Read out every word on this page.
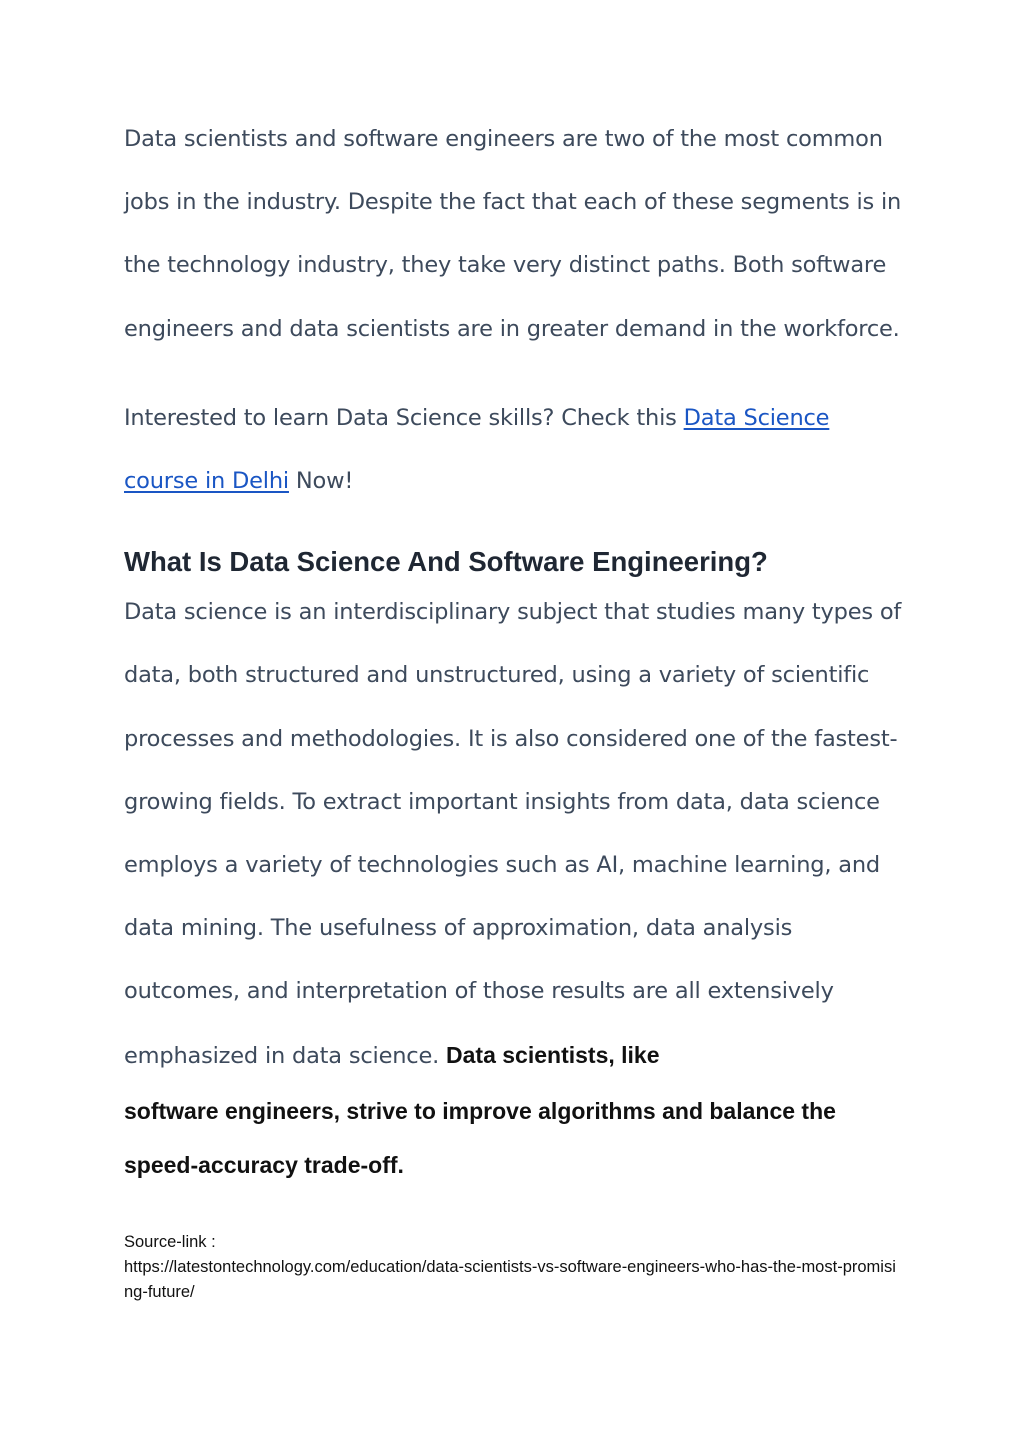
Data scientists and software engineers are two of the most common jobs in the industry. Despite the fact that each of these segments is in the technology industry, they take very distinct paths. Both software engineers and data scientists are in greater demand in the workforce.

Interested to learn Data Science skills? Check this Data Science course in Delhi Now!

What Is Data Science And Software Engineering?

Data science is an interdisciplinary subject that studies many types of data, both structured and unstructured, using a variety of scientific processes and methodologies. It is also considered one of the fastest-growing fields. To extract important insights from data, data science employs a variety of technologies such as AI, machine learning, and data mining. The usefulness of approximation, data analysis outcomes, and interpretation of those results are all extensively emphasized in data science. Data scientists, like

software engineers, strive to improve algorithms and balance the speed-accuracy trade-off.

Source-link :
https://latestontechnology.com/education/data-scientists-vs-software-engineers-who-has-the-most-promising-future/
